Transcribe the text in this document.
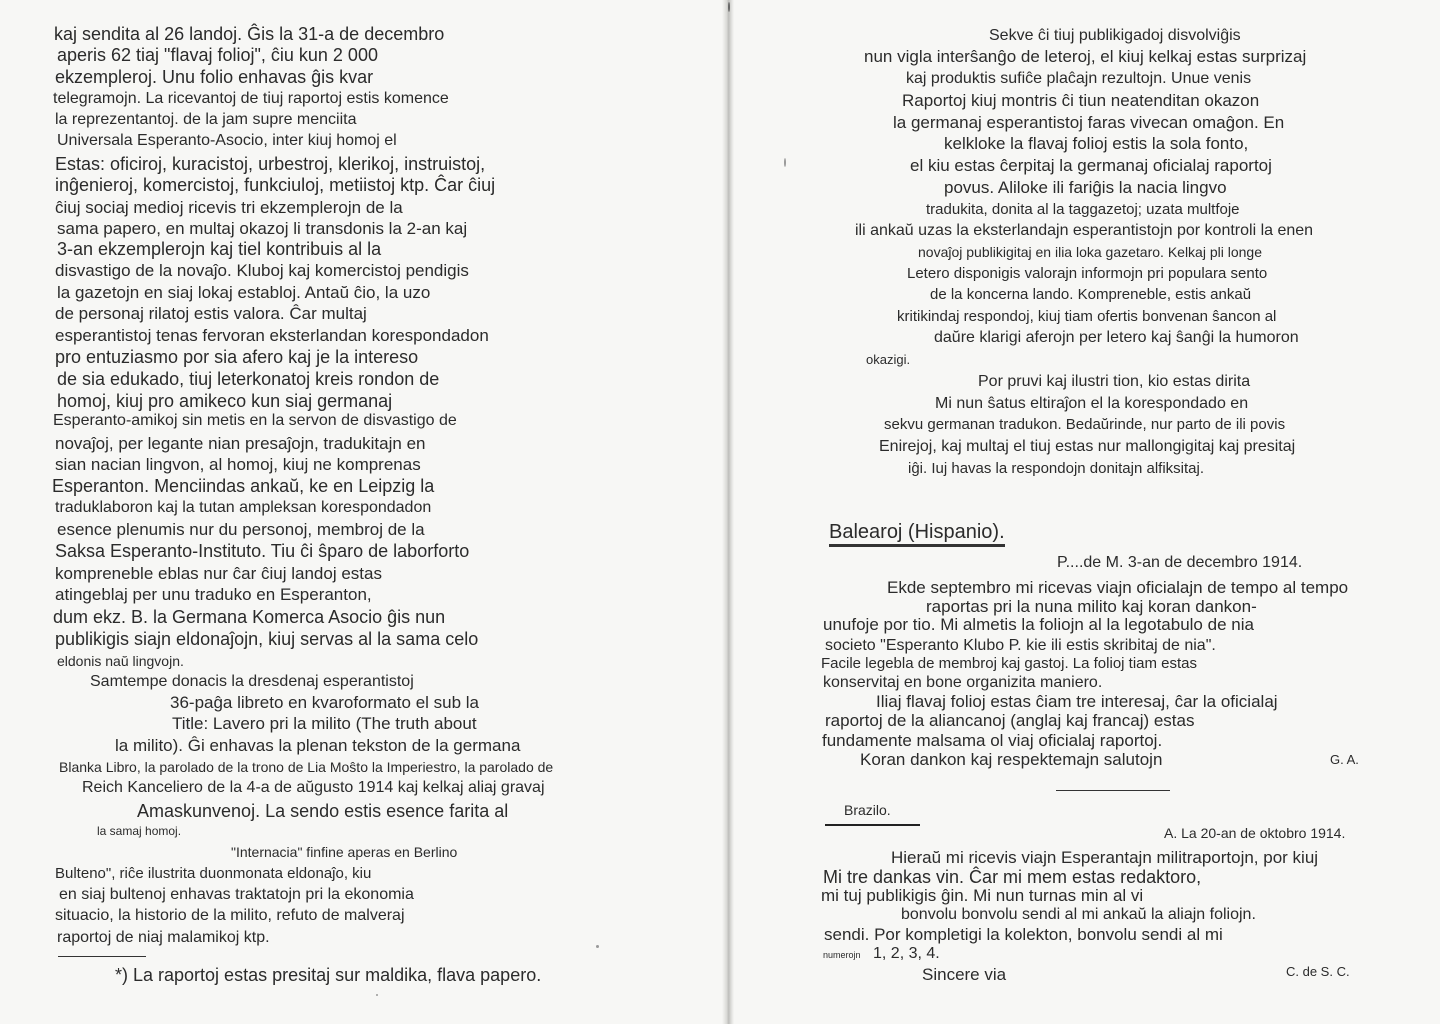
kaj sendita al 26 landoj. Ĝis la 31-a de decembro

aperis 62 tiaj "flavaj folioj", ĉiu kun 2 000

ekzempleroj. Unu folio enhavas ĝis kvar

telegramojn. La ricevantoj de tiuj raportoj estis komence

la reprezentantoj. de la jam supre menciita

Universala Esperanto-Asocio, inter kiuj homoj el

Estas: oficiroj, kuracistoj, urbestroj, klerikoj, instruistoj,

inĝenieroj, komercistoj, funkciuloj, metiistoj ktp. Ĉar ĉiuj

ĉiuj sociaj medioj ricevis tri ekzemplerojn de la

sama papero, en multaj okazoj li transdonis la 2-an kaj

3-an ekzemplerojn kaj tiel kontribuis al la

disvastigo de la novaĵo. Kluboj kaj komercistoj pendigis

la gazetojn en siaj lokaj establoj. Antaŭ ĉio, la uzo

de personaj rilatoj estis valora. Ĉar multaj

esperantistoj tenas fervoran eksterlandan korespondadon

pro entuziasmo por sia afero kaj je la intereso

de sia edukado, tiuj leterkonatoj kreis rondon de

homoj, kiuj pro amikeco kun siaj germanaj

Esperanto-amikoj sin metis en la servon de disvastigo de

novaĵoj, per legante nian presaĵojn, tradukitajn en

sian nacian lingvon, al homoj, kiuj ne komprenas

Esperanton. Menciindas ankaŭ, ke en Leipzig la

traduklaboron kaj la tutan ampleksan korespondadon

esence plenumis nur du personoj, membroj de la

Saksa Esperanto-Instituto. Tiu ĉi ŝparo de laborforto

kompreneble eblas nur ĉar ĉiuj landoj estas

atingeblaj per unu traduko en Esperanton,

dum ekz. B. la Germana Komerca Asocio ĝis nun

publikigis siajn eldonaĵojn, kiuj servas al la sama celo

eldonis naŭ lingvojn.

Samtempe donacis la dresdenaj esperantistoj

36-paĝa libreto en kvaroformato el sub la

Title: Lavero pri la milito (The truth about

la milito). Ĝi enhavas la plenan tekston de la germana

Blanka Libro, la parolado de la trono de Lia Moŝto la Imperiestro, la parolado de

Reich Kanceliero de la 4-a de aŭgusto 1914 kaj kelkaj aliaj gravaj

Amaskunvenoj. La sendo estis esence farita al

la samaj homoj.

"Internacia" finfine aperas en Berlino

Bulteno", riĉe ilustrita duonmonata eldonaĵo, kiu

en siaj bultenoj enhavas traktatojn pri la ekonomia

situacio, la historio de la milito, refuto de malveraj

raportoj de niaj malamikoj ktp.

*) La raportoj estas presitaj sur maldika, flava papero.

Sekve ĉi tiuj publikigadoj disvolviĝis

nun vigla interŝanĝo de leteroj, el kiuj kelkaj estas surprizaj

kaj produktis sufiĉe plaĉajn rezultojn. Unue venis

Raportoj kiuj montris ĉi tiun neatenditan okazon

la germanaj esperantistoj faras vivecan omaĝon. En

kelkloke la flavaj folioj estis la sola fonto,

el kiu estas ĉerpitaj la germanaj oficialaj raportoj

povus. Aliloke ili fariĝis la nacia lingvo

tradukita, donita al la taggazetoj; uzata multfoje

ili ankaŭ uzas la eksterlandajn esperantistojn por kontroli la enen

novaĵoj publikigitaj en ilia loka gazetaro. Kelkaj pli longe

Letero disponigis valorajn informojn pri populara sento

de la koncerna lando. Kompreneble, estis ankaŭ

kritikindaj respondoj, kiuj tiam ofertis bonvenan ŝancon al

daŭre klarigi aferojn per letero kaj ŝanĝi la humoron

okazigi.

Por pruvi kaj ilustri tion, kio estas dirita

Mi nun ŝatus eltiraĵon el la korespondado en

sekvu germanan tradukon. Bedaŭrinde, nur parto de ili povis

Enirejoj, kaj multaj el tiuj estas nur mallongigitaj kaj presitaj

iĝi. Iuj havas la respondojn donitajn alfiksitaj.

Balearoj (Hispanio).

P....de M. 3-an de decembro 1914.

Ekde septembro mi ricevas viajn oficialajn de tempo al tempo

raportas pri la nuna milito kaj koran dankon-

unufoje por tio. Mi almetis la foliojn al la legotabulo de nia

societo "Esperanto Klubo P. kie ili estis skribitaj de nia".

Facile legebla de membroj kaj gastoj. La folioj tiam estas

konservitaj en bone organizita maniero.

Iliaj flavaj folioj estas ĉiam tre interesaj, ĉar la oficialaj

raportoj de la aliancanoj (anglaj kaj francaj) estas

fundamente malsama ol viaj oficialaj raportoj.

Koran dankon kaj respektemajn salutojn	G. A.

Brazilo.

A. La 20-an de oktobro 1914.

Hieraŭ mi ricevis viajn Esperantajn militraportojn, por kiuj

Mi tre dankas vin. Ĉar mi mem estas redaktoro,

mi tuj publikigis ĝin. Mi nun turnas min al vi

bonvolu bonvolu sendi al mi ankaŭ la aliajn foliojn.

sendi. Por kompletigi la kolekton, bonvolu sendi al mi

numerojn 1, 2, 3, 4.

Sincere via	C. de S. C.
